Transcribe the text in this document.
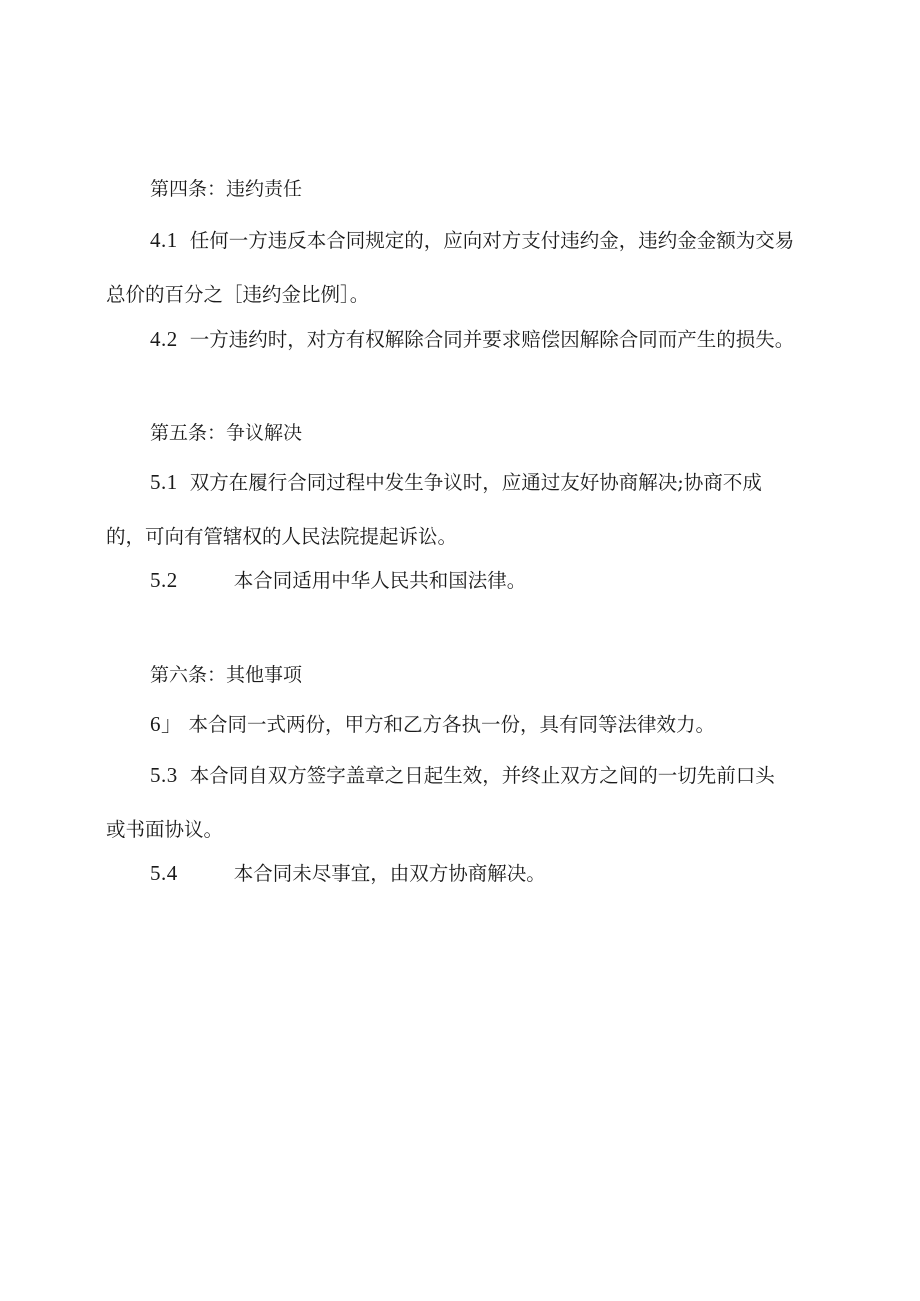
第四条：违约责任
4.1 任何一方违反本合同规定的，应向对方支付违约金，违约金金额为交易
总价的百分之［违约金比例］。
4.2 一方违约时，对方有权解除合同并要求赔偿因解除合同而产生的损失。
第五条：争议解决
5.1 双方在履行合同过程中发生争议时，应通过友好协商解决;协商不成
的，可向有管辖权的人民法院提起诉讼。
5.2	本合同适用中华人民共和国法律。
第六条：其他事项
6」 本合同一式两份，甲方和乙方各执一份，具有同等法律效力。
5.3 本合同自双方签字盖章之日起生效，并终止双方之间的一切先前口头
或书面协议。
5.4	本合同未尽事宜，由双方协商解决。
